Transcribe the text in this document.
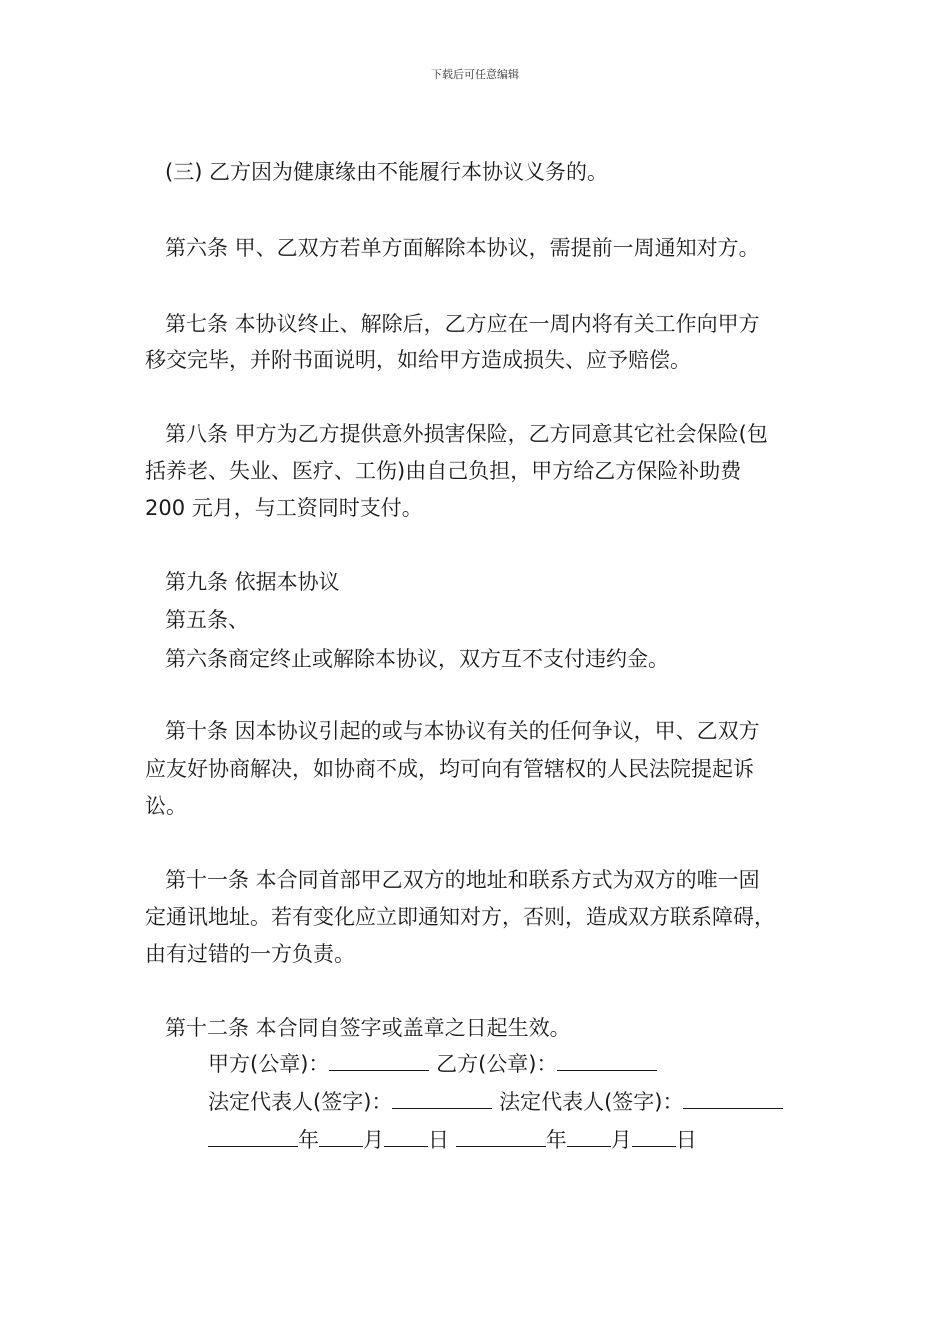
下载后可任意编辑
(三) 乙方因为健康缘由不能履行本协议义务的。
第六条 甲、乙双方若单方面解除本协议，需提前一周通知对方。
第七条 本协议终止、解除后，乙方应在一周内将有关工作向甲方
移交完毕，并附书面说明，如给甲方造成损失、应予赔偿。
第八条 甲方为乙方提供意外损害保险，乙方同意其它社会保险(包
括养老、失业、医疗、工伤)由自己负担，甲方给乙方保险补助费
200 元月，与工资同时支付。
第九条 依据本协议
第五条、
第六条商定终止或解除本协议，双方互不支付违约金。
第十条 因本协议引起的或与本协议有关的任何争议，甲、乙双方
应友好协商解决，如协商不成，均可向有管辖权的人民法院提起诉
讼。
第十一条 本合同首部甲乙双方的地址和联系方式为双方的唯一固
定通讯地址。若有变化应立即通知对方，否则，造成双方联系障碍，
由有过错的一方负责。
第十二条 本合同自签字或盖章之日起生效。
甲方(公章)：	乙方(公章)：
法定代表人(签字)：	法定代表人(签字)：
年 月 日	年 月 日
